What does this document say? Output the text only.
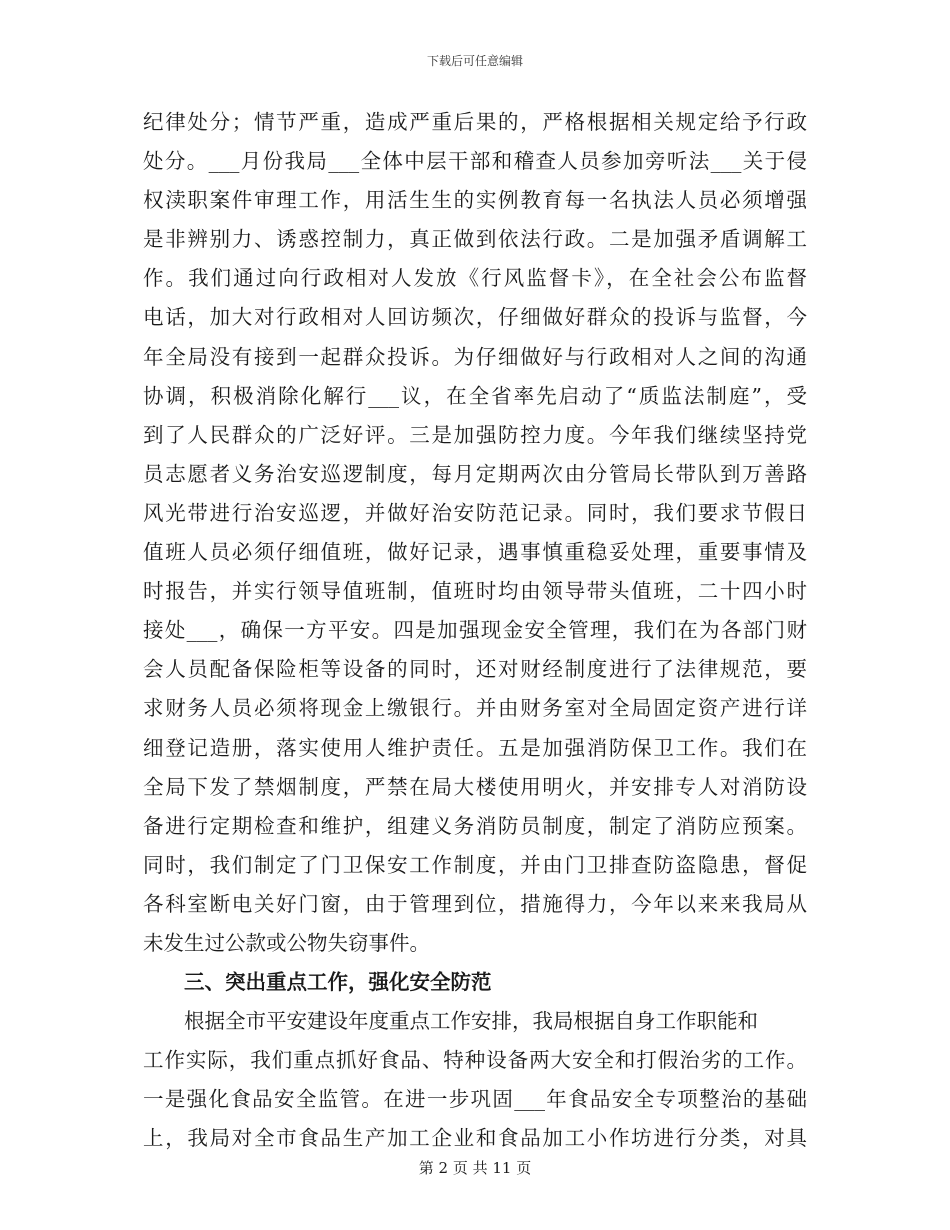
下载后可任意编辑
纪律处分；情节严重，造成严重后果的，严格根据相关规定给予行政
处分。___月份我局___全体中层干部和稽查人员参加旁听法___关于侵
权渎职案件审理工作，用活生生的实例教育每一名执法人员必须增强
是非辨别力、诱惑控制力，真正做到依法行政。二是加强矛盾调解工
作。我们通过向行政相对人发放《行风监督卡》，在全社会公布监督
电话，加大对行政相对人回访频次，仔细做好群众的投诉与监督，今
年全局没有接到一起群众投诉。为仔细做好与行政相对人之间的沟通
协调，积极消除化解行___议，在全省率先启动了“质监法制庭”，受
到了人民群众的广泛好评。三是加强防控力度。今年我们继续坚持党
员志愿者义务治安巡逻制度，每月定期两次由分管局长带队到万善路
风光带进行治安巡逻，并做好治安防范记录。同时，我们要求节假日
值班人员必须仔细值班，做好记录，遇事慎重稳妥处理，重要事情及
时报告，并实行领导值班制，值班时均由领导带头值班，二十四小时
接处___，确保一方平安。四是加强现金安全管理，我们在为各部门财
会人员配备保险柜等设备的同时，还对财经制度进行了法律规范，要
求财务人员必须将现金上缴银行。并由财务室对全局固定资产进行详
细登记造册，落实使用人维护责任。五是加强消防保卫工作。我们在
全局下发了禁烟制度，严禁在局大楼使用明火，并安排专人对消防设
备进行定期检查和维护，组建义务消防员制度，制定了消防应预案。
同时，我们制定了门卫保安工作制度，并由门卫排查防盗隐患，督促
各科室断电关好门窗，由于管理到位，措施得力，今年以来来我局从
未发生过公款或公物失窃事件。
三、突出重点工作，强化安全防范
根据全市平安建设年度重点工作安排，我局根据自身工作职能和
工作实际，我们重点抓好食品、特种设备两大安全和打假治劣的工作。
一是强化食品安全监管。在进一步巩固___年食品安全专项整治的基础
上，我局对全市食品生产加工企业和食品加工小作坊进行分类，对具
第 2 页 共 11 页
